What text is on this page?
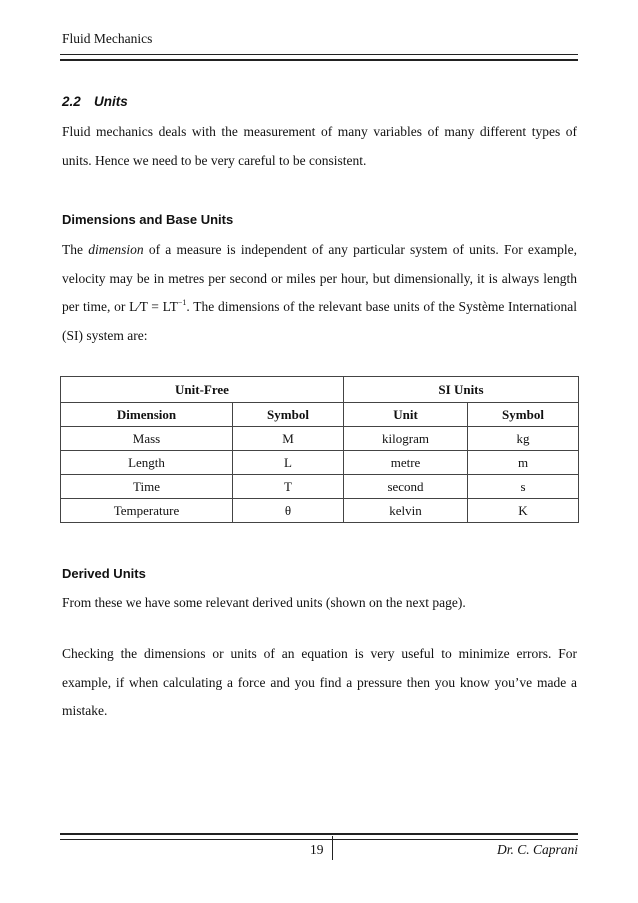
Fluid Mechanics
2.2 Units

Fluid mechanics deals with the measurement of many variables of many different types of units. Hence we need to be very careful to be consistent.

Dimensions and Base Units

The dimension of a measure is independent of any particular system of units. For example, velocity may be in metres per second or miles per hour, but dimensionally, it is always length per time, or L⁄T = $LT^{-1}$. The dimensions of the relevant base units of the Système International (SI) system are:

Unit-Free		SI Units	
Dimension	Symbol	Unit	Symbol
Mass	M	kilogram	kg
Length	L	metre	m
Time	T	second	s
Temperature	θ	kelvin	K
Derived Units

From these we have some relevant derived units (shown on the next page).

Checking the dimensions or units of an equation is very useful to minimize errors. For example, if when calculating a force and you find a pressure then you know you’ve made a mistake.

19	Dr. C. Caprani
